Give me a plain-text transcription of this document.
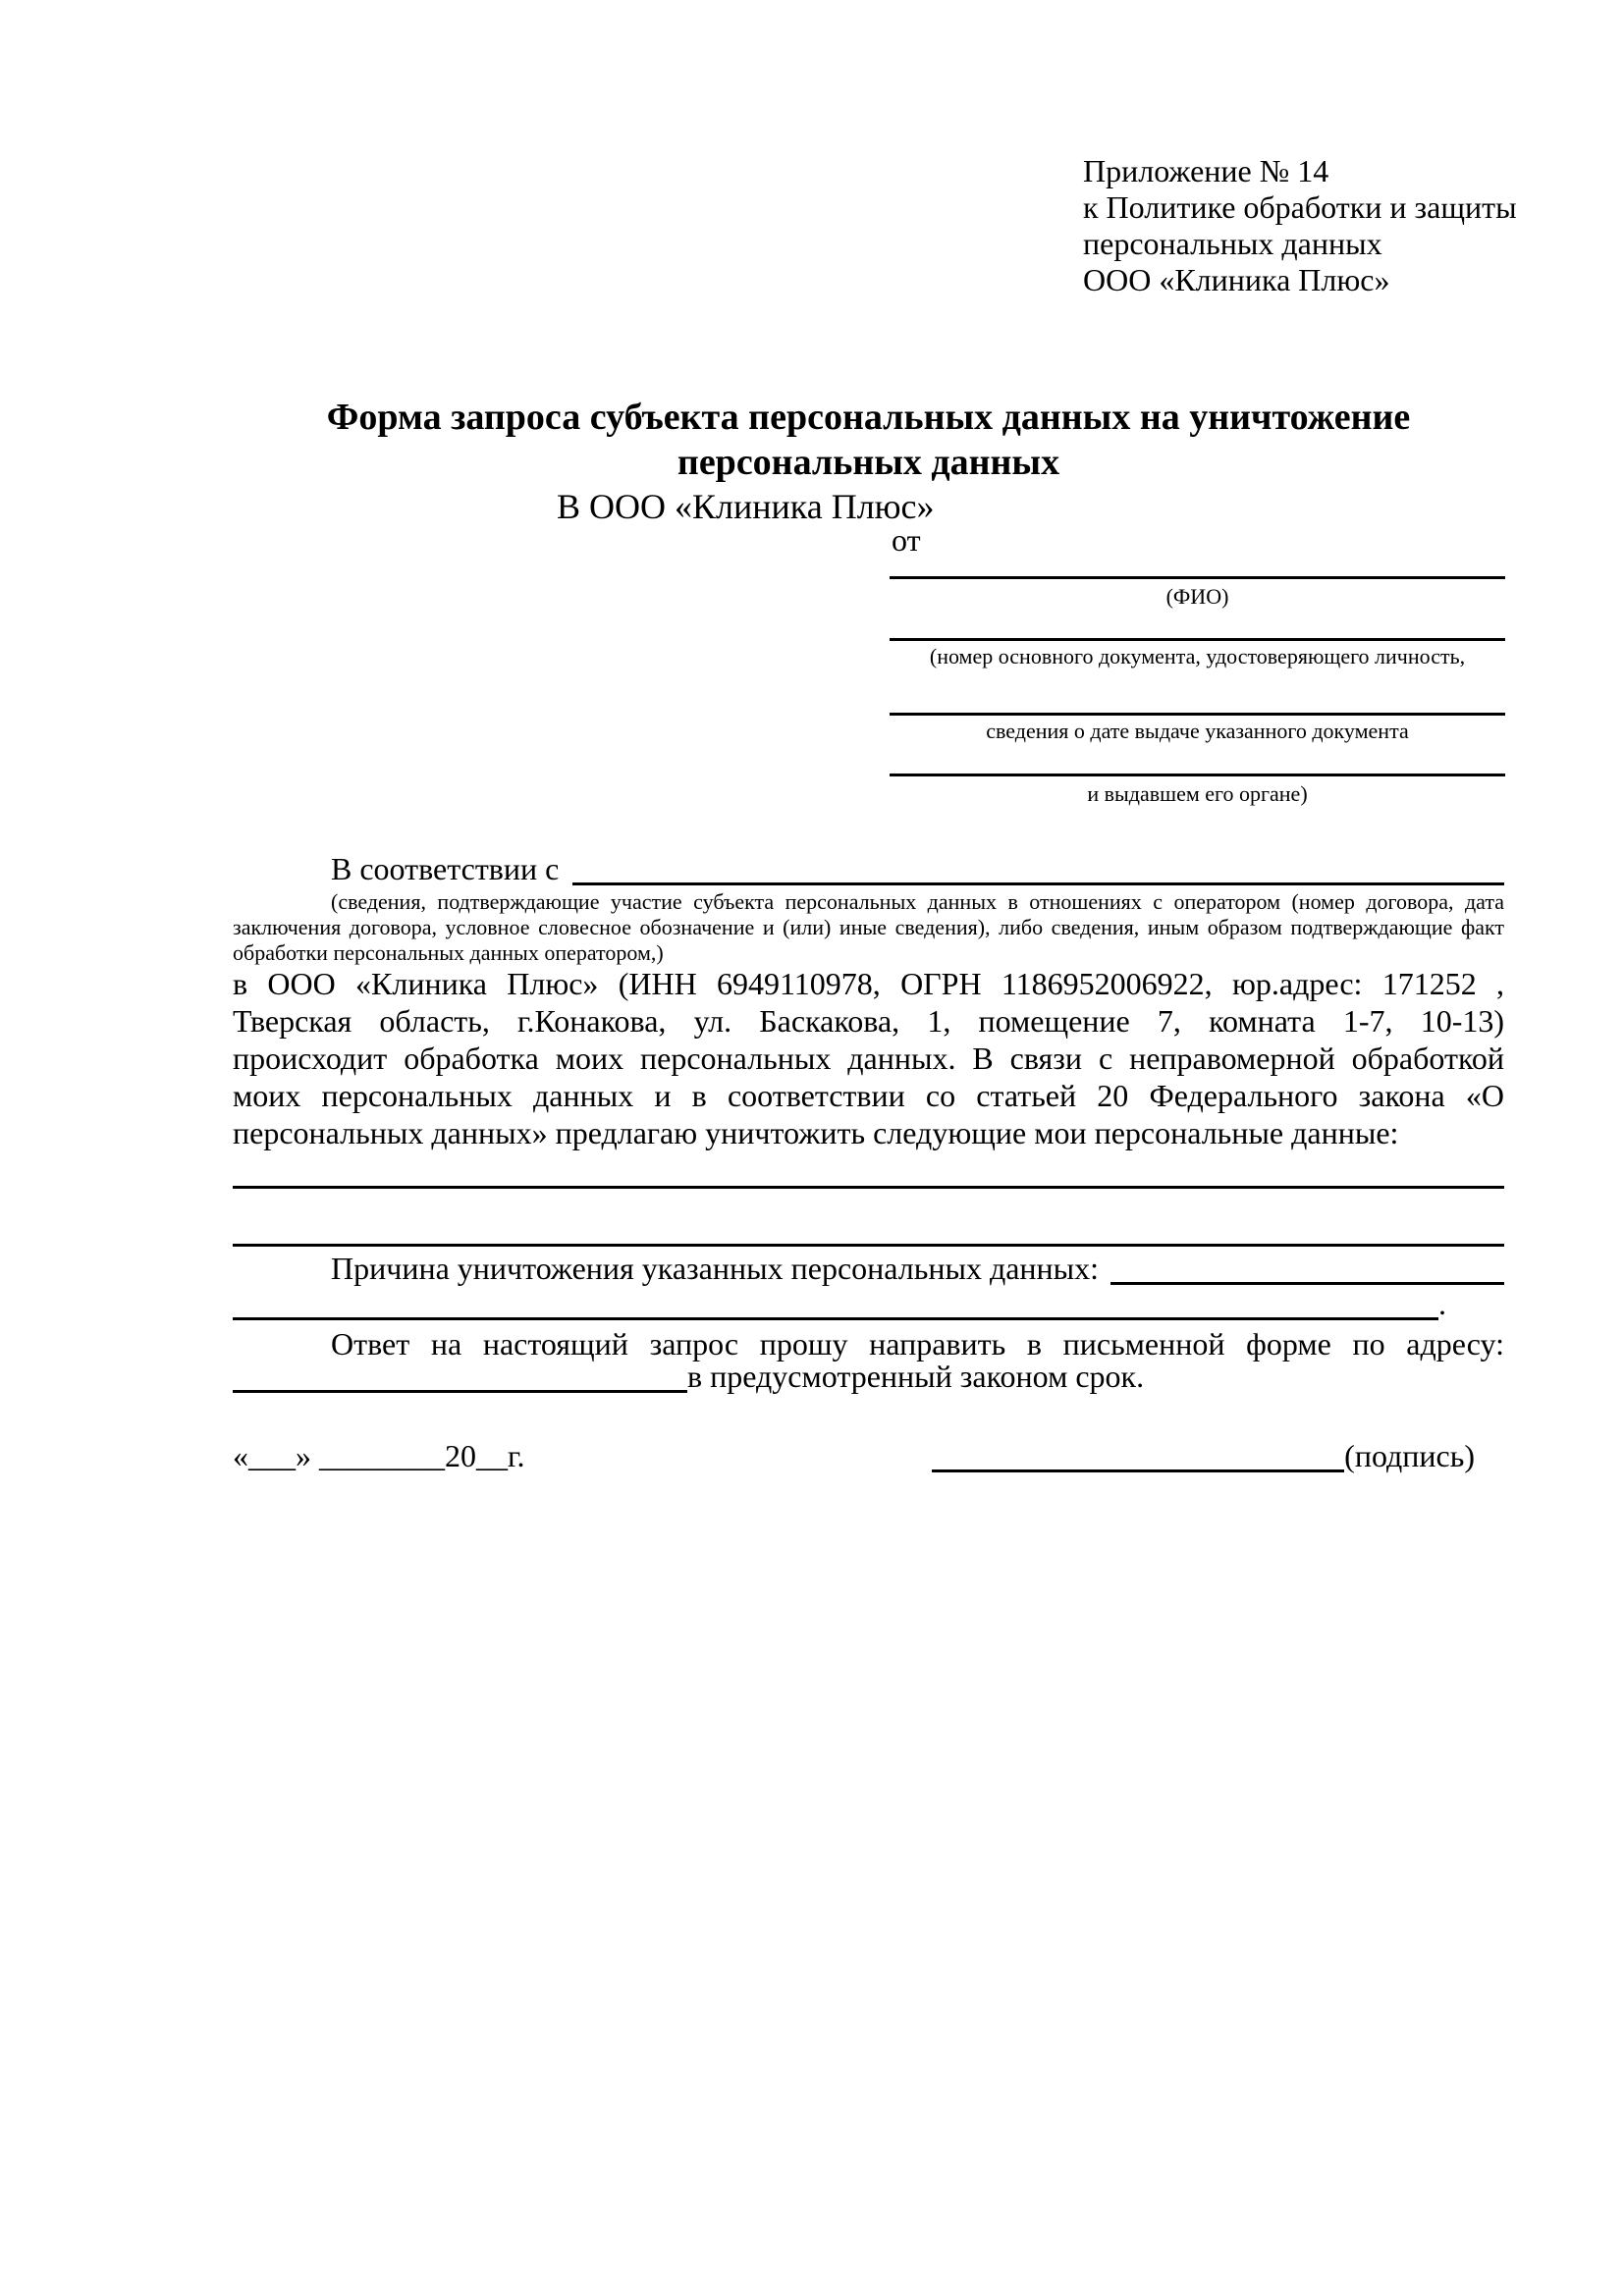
Приложение № 14
к Политике обработки и защиты
персональных данных
ООО «Клиника Плюс»
Форма запроса субъекта персональных данных на уничтожение
персональных данных
В ООО «Клиника Плюс»
от
(ФИО)
(номер основного документа, удостоверяющего личность,
сведения о дате выдаче указанного документа
и выдавшем его органе)
В соответствии с
(сведения, подтверждающие участие субъекта персональных данных в отношениях с оператором (номер договора, дата
заключения договора, условное словесное обозначение и (или) иные сведения), либо сведения, иным образом подтверждающие факт
обработки персональных данных оператором,)
в ООО «Клиника Плюс» (ИНН 6949110978, ОГРН 1186952006922, юр.адрес: 171252 ,
Тверская область, г.Конакова, ул. Баскакова, 1, помещение 7, комната 1-7, 10-13)
происходит обработка моих персональных данных. В связи с неправомерной обработкой
моих персональных данных и в соответствии со статьей 20 Федерального закона «О
персональных данных» предлагаю уничтожить следующие мои персональные данные:
Причина уничтожения указанных персональных данных:
.
Ответ на настоящий запрос прошу направить в письменной форме по адресу:
в предусмотренный законом срок.
«___» ________20__г.	(подпись)
